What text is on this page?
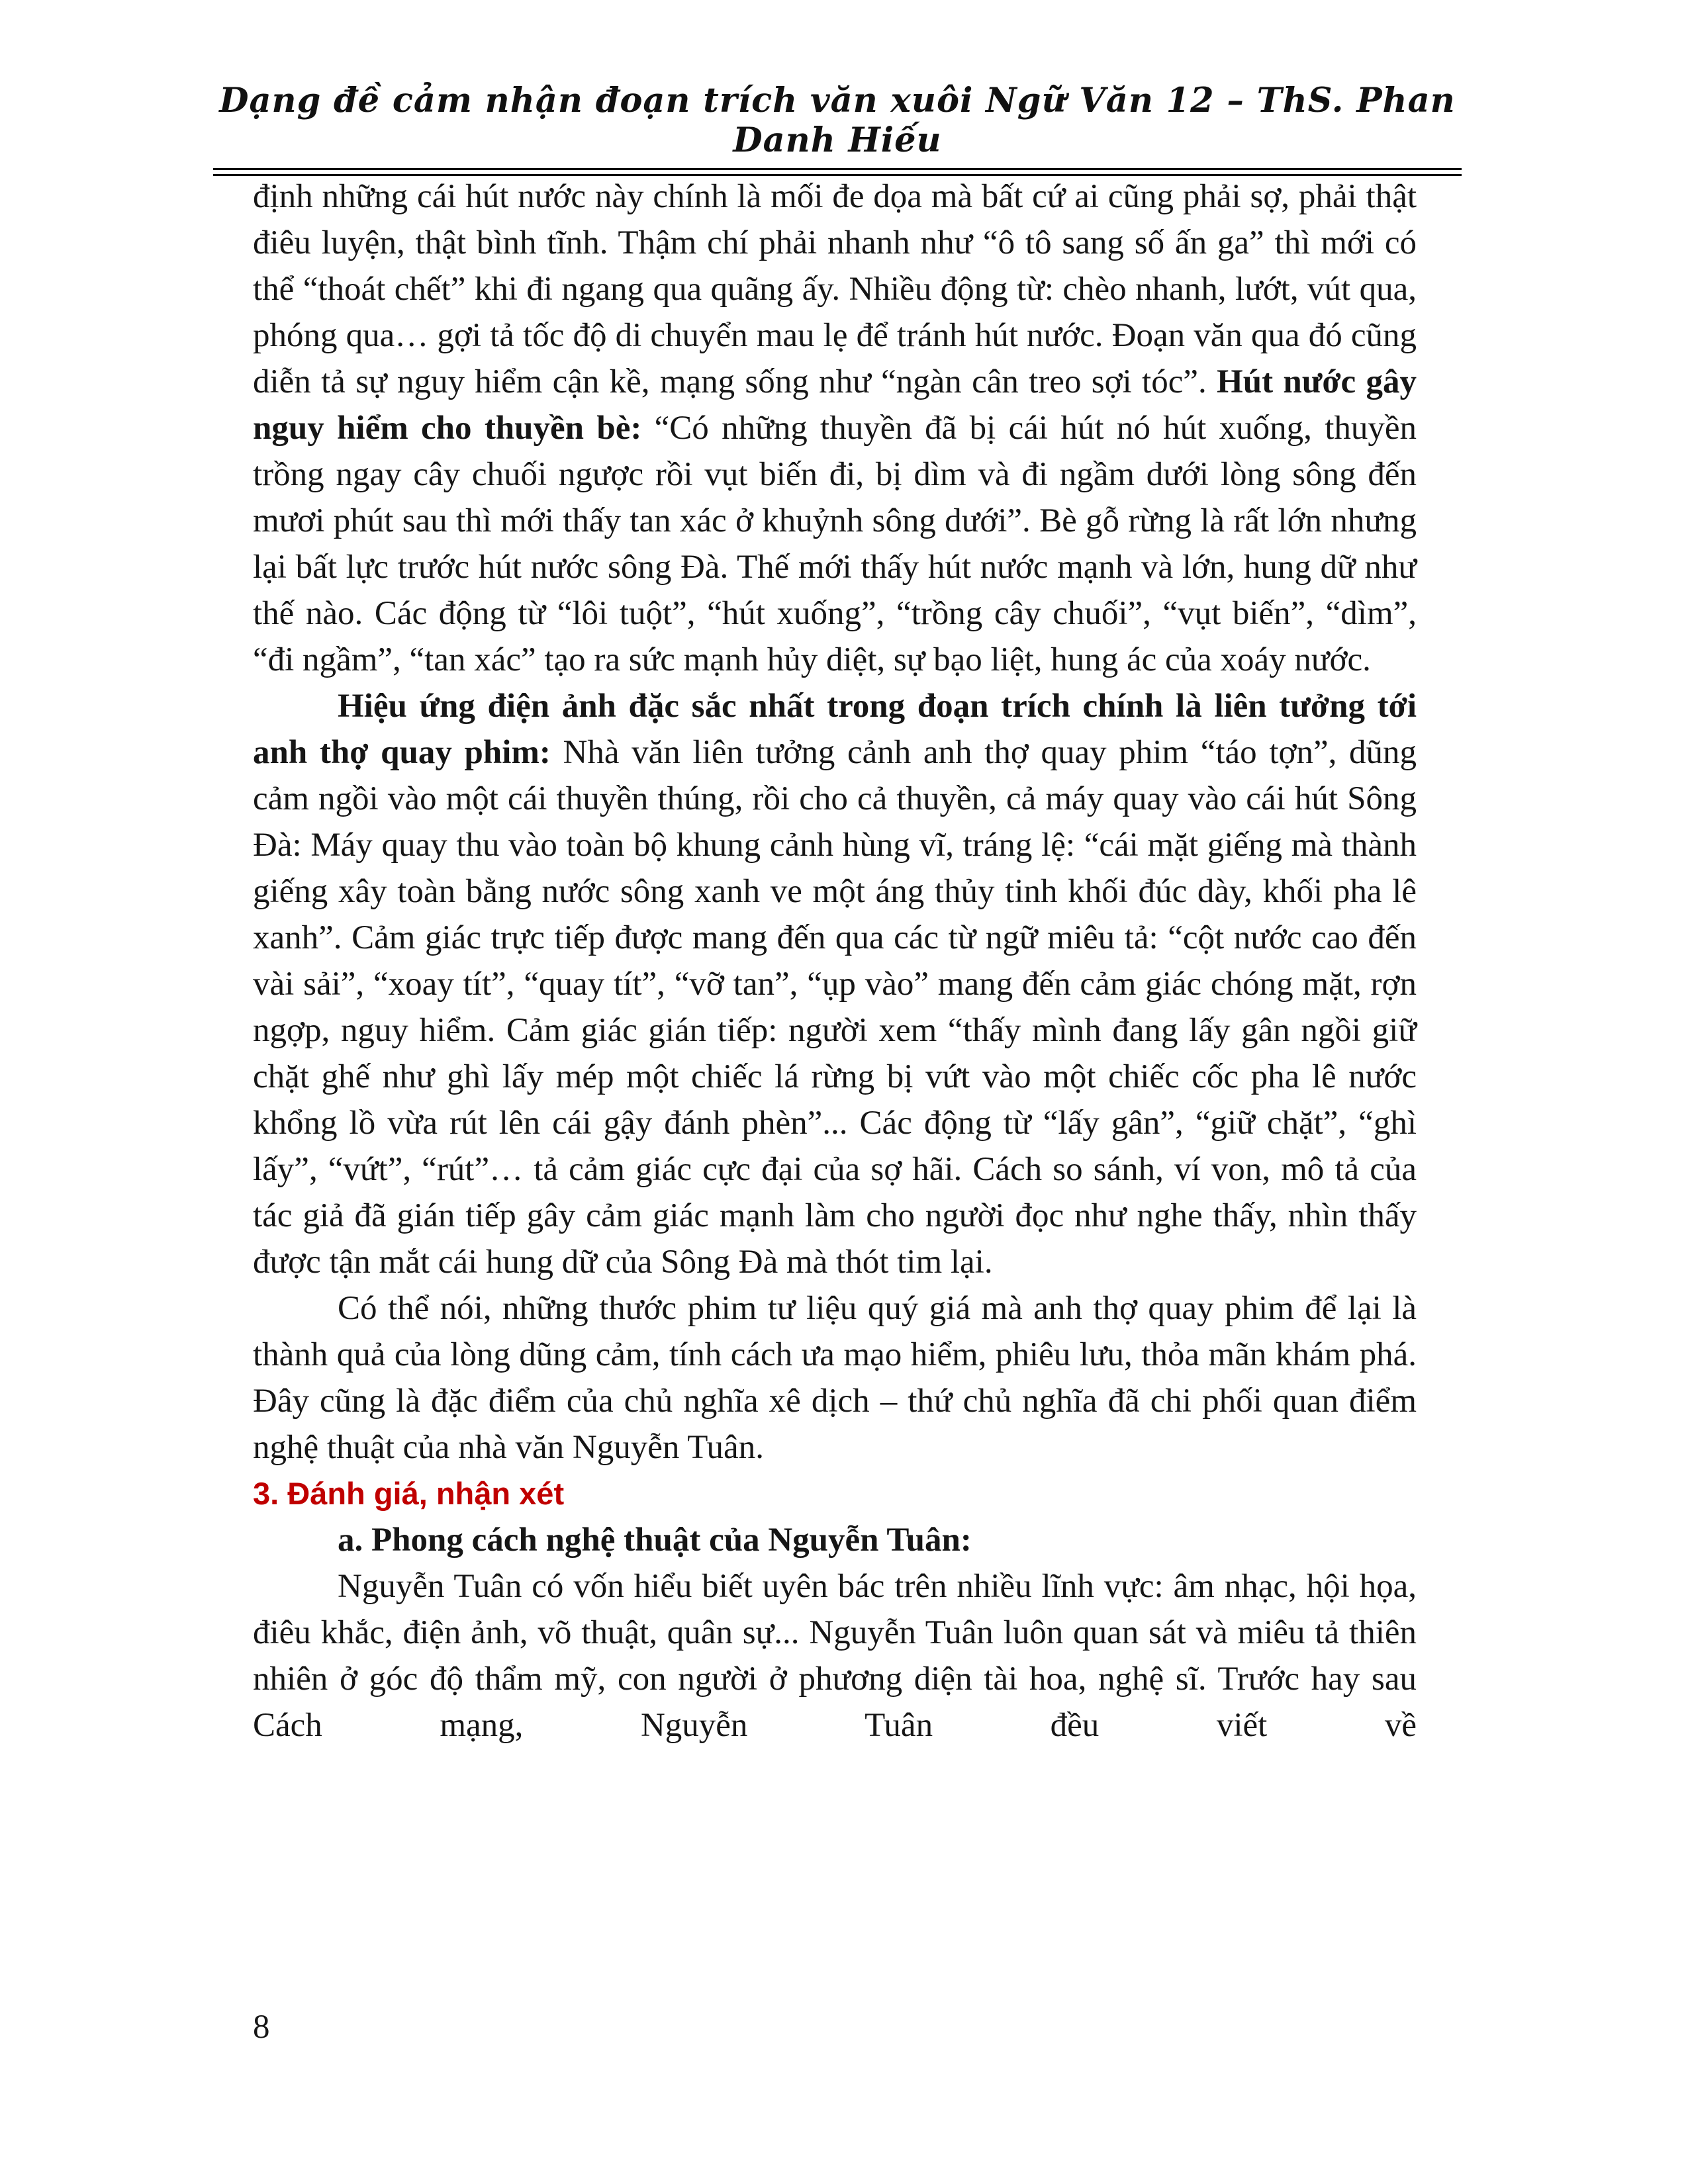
Dạng đề cảm nhận đoạn trích văn xuôi Ngữ Văn 12 – ThS. Phan Danh Hiếu

định những cái hút nước này chính là mối đe dọa mà bất cứ ai cũng phải sợ, phải thật điêu luyện, thật bình tĩnh. Thậm chí phải nhanh như “ô tô sang số ấn ga” thì mới có thể “thoát chết” khi đi ngang qua quãng ấy. Nhiều động từ: chèo nhanh, lướt, vút qua, phóng qua… gợi tả tốc độ di chuyển mau lẹ để tránh hút nước. Đoạn văn qua đó cũng diễn tả sự nguy hiểm cận kề, mạng sống như “ngàn cân treo sợi tóc”. Hút nước gây nguy hiểm cho thuyền bè: “Có những thuyền đã bị cái hút nó hút xuống, thuyền trồng ngay cây chuối ngược rồi vụt biến đi, bị dìm và đi ngầm dưới lòng sông đến mươi phút sau thì mới thấy tan xác ở khuỷnh sông dưới”. Bè gỗ rừng là rất lớn nhưng lại bất lực trước hút nước sông Đà. Thế mới thấy hút nước mạnh và lớn, hung dữ như thế nào. Các động từ “lôi tuột”, “hút xuống”, “trồng cây chuối”, “vụt biến”, “dìm”, “đi ngầm”, “tan xác” tạo ra sức mạnh hủy diệt, sự bạo liệt, hung ác của xoáy nước.

Hiệu ứng điện ảnh đặc sắc nhất trong đoạn trích chính là liên tưởng tới anh thợ quay phim: Nhà văn liên tưởng cảnh anh thợ quay phim “táo tợn”, dũng cảm ngồi vào một cái thuyền thúng, rồi cho cả thuyền, cả máy quay vào cái hút Sông Đà: Máy quay thu vào toàn bộ khung cảnh hùng vĩ, tráng lệ: “cái mặt giếng mà thành giếng xây toàn bằng nước sông xanh ve một áng thủy tinh khối đúc dày, khối pha lê xanh”. Cảm giác trực tiếp được mang đến qua các từ ngữ miêu tả: “cột nước cao đến vài sải”, “xoay tít”, “quay tít”, “vỡ tan”, “ụp vào” mang đến cảm giác chóng mặt, rợn ngợp, nguy hiểm. Cảm giác gián tiếp: người xem “thấy mình đang lấy gân ngồi giữ chặt ghế như ghì lấy mép một chiếc lá rừng bị vứt vào một chiếc cốc pha lê nước khổng lồ vừa rút lên cái gậy đánh phèn”... Các động từ “lấy gân”, “giữ chặt”, “ghì lấy”, “vứt”, “rút”… tả cảm giác cực đại của sợ hãi. Cách so sánh, ví von, mô tả của tác giả đã gián tiếp gây cảm giác mạnh làm cho người đọc như nghe thấy, nhìn thấy được tận mắt cái hung dữ của Sông Đà mà thót tim lại.

Có thể nói, những thước phim tư liệu quý giá mà anh thợ quay phim để lại là thành quả của lòng dũng cảm, tính cách ưa mạo hiểm, phiêu lưu, thỏa mãn khám phá. Đây cũng là đặc điểm của chủ nghĩa xê dịch – thứ chủ nghĩa đã chi phối quan điểm nghệ thuật của nhà văn Nguyễn Tuân.

3. Đánh giá, nhận xét

a. Phong cách nghệ thuật của Nguyễn Tuân:

Nguyễn Tuân có vốn hiểu biết uyên bác trên nhiều lĩnh vực: âm nhạc, hội họa, điêu khắc, điện ảnh, võ thuật, quân sự... Nguyễn Tuân luôn quan sát và miêu tả thiên nhiên ở góc độ thẩm mỹ, con người ở phương diện tài hoa, nghệ sĩ. Trước hay sau Cách mạng, Nguyễn Tuân đều viết về

8
